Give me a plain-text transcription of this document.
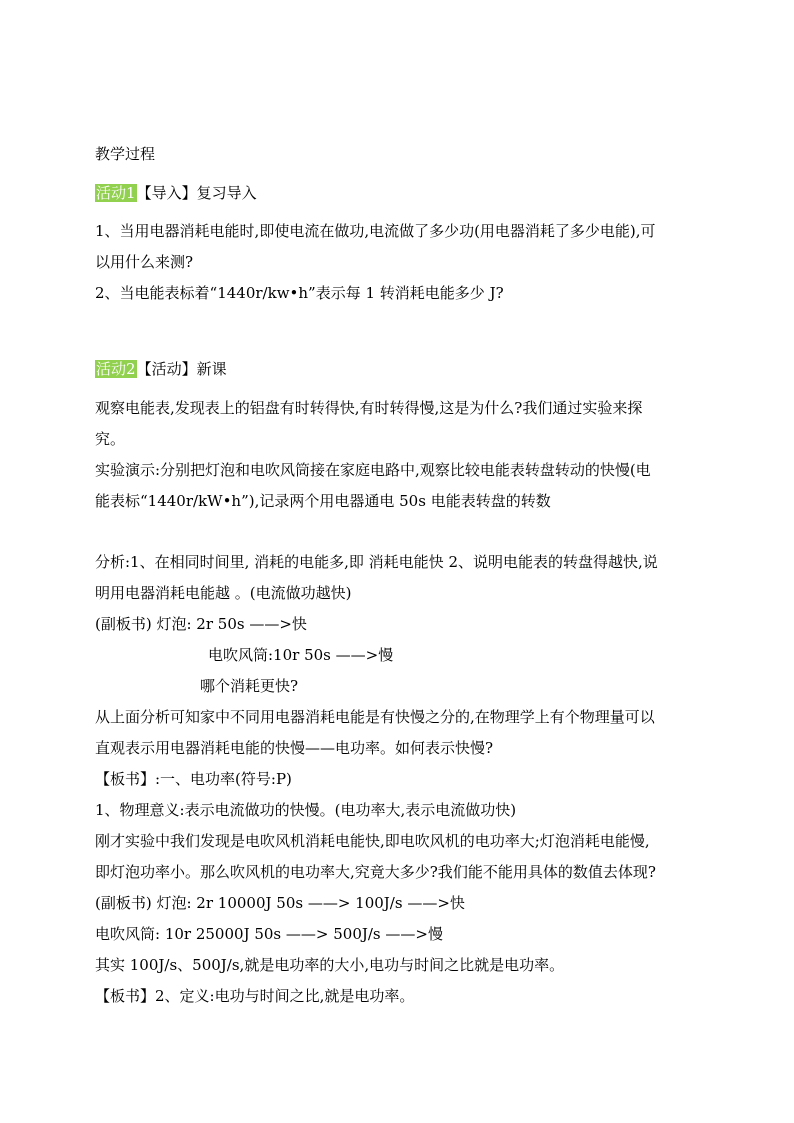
教学过程
活动1【导入】复习导入
1、当用电器消耗电能时,即使电流在做功,电流做了多少功(用电器消耗了多少电能),可
以用什么来测?
2、当电能表标着“1440r/kw•h”表示每 1 转消耗电能多少 J?
活动2【活动】新课
观察电能表,发现表上的铝盘有时转得快,有时转得慢,这是为什么?我们通过实验来探
究。
实验演示:分别把灯泡和电吹风筒接在家庭电路中,观察比较电能表转盘转动的快慢(电
能表标“1440r/kW•h”),记录两个用电器通电 50s 电能表转盘的转数
分析:1、在相同时间里, 消耗的电能多,即 消耗电能快 2、说明电能表的转盘得越快,说
明用电器消耗电能越 。(电流做功越快)
(副板书) 灯泡: 2r 50s ——>快
电吹风筒:10r 50s ——>慢
哪个消耗更快?
从上面分析可知家中不同用电器消耗电能是有快慢之分的,在物理学上有个物理量可以
直观表示用电器消耗电能的快慢——电功率。如何表示快慢?
【板书】:一、电功率(符号:P)
1、物理意义:表示电流做功的快慢。(电功率大,表示电流做功快)
刚才实验中我们发现是电吹风机消耗电能快,即电吹风机的电功率大;灯泡消耗电能慢,
即灯泡功率小。那么吹风机的电功率大,究竟大多少?我们能不能用具体的数值去体现?
(副板书) 灯泡: 2r 10000J 50s ——> 100J/s ——>快
电吹风筒: 10r 25000J 50s ——> 500J/s ——>慢
其实 100J/s、500J/s,就是电功率的大小,电功与时间之比就是电功率。
【板书】2、定义:电功与时间之比,就是电功率。
